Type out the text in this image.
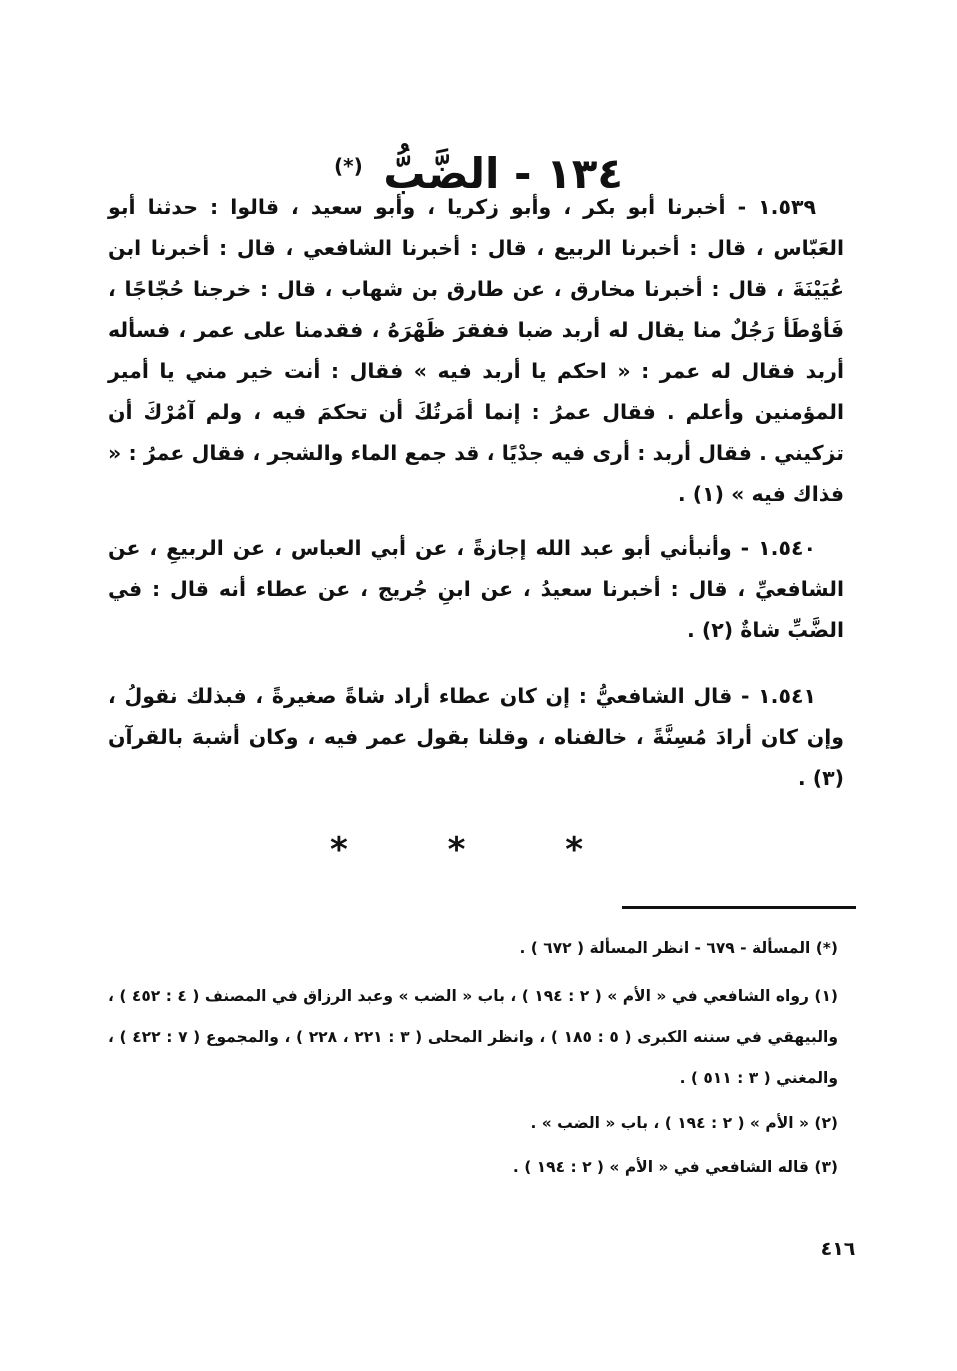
١٣٤ - الضَّبُّ (*)

١.٥٣٩ - أخبرنا أبو بكر ، وأبو زكريا ، وأبو سعيد ، قالوا : حدثنا أبو العَبّاس ، قال : أخبرنا الربيع ، قال : أخبرنا الشافعي ، قال : أخبرنا ابن عُيَيْنَةَ ، قال : أخبرنا مخارق ، عن طارق بن شهاب ، قال : خرجنا حُجّاجًا ، فَأوْطَأ رَجُلٌ منا يقال له أربد ضبا ففقرَ ظَهْرَهُ ، فقدمنا على عمر ، فسأله أربد فقال له عمر : « احكم يا أربد فيه » فقال : أنت خير مني يا أمير المؤمنين وأعلم . فقال عمرُ : إنما أمَرتُكَ أن تحكمَ فيه ، ولم آمُرْكَ أن تزكيني . فقال أربد : أرى فيه جدْيًا ، قد جمع الماء والشجر ، فقال عمرُ : « فذاك فيه » (١) .

١.٥٤٠ - وأنبأني أبو عبد الله إجازةً ، عن أبي العباس ، عن الربيعِ ، عن الشافعيِّ ، قال : أخبرنا سعيدُ ، عن ابنِ جُريج ، عن عطاء أنه قال : في الضَّبِّ شاةٌ (٢) .

١.٥٤١ - قال الشافعيُّ : إن كان عطاء أراد شاةً صغيرةً ، فبذلك نقولُ ، وإن كان أرادَ مُسِنَّةً ، خالفناه ، وقلنا بقول عمر فيه ، وكان أشبهَ بالقرآن (٣) .

* * *

(*) المسألة - ٦٧٩ - انظر المسألة ( ٦٧٢ ) .

(١) رواه الشافعي في « الأم » ( ٢ : ١٩٤ ) ، باب « الضب » وعبد الرزاق في المصنف ( ٤ : ٤٥٢ ) ، والبيهقي في سننه الكبرى ( ٥ : ١٨٥ ) ، وانظر المحلى ( ٣ : ٢٢١ ، ٢٢٨ ) ، والمجموع ( ٧ : ٤٢٢ ) ، والمغني ( ٣ : ٥١١ ) .

(٢) « الأم » ( ٢ : ١٩٤ ) ، باب « الضب » .

(٣) قاله الشافعي في « الأم » ( ٢ : ١٩٤ ) .

٤١٦
